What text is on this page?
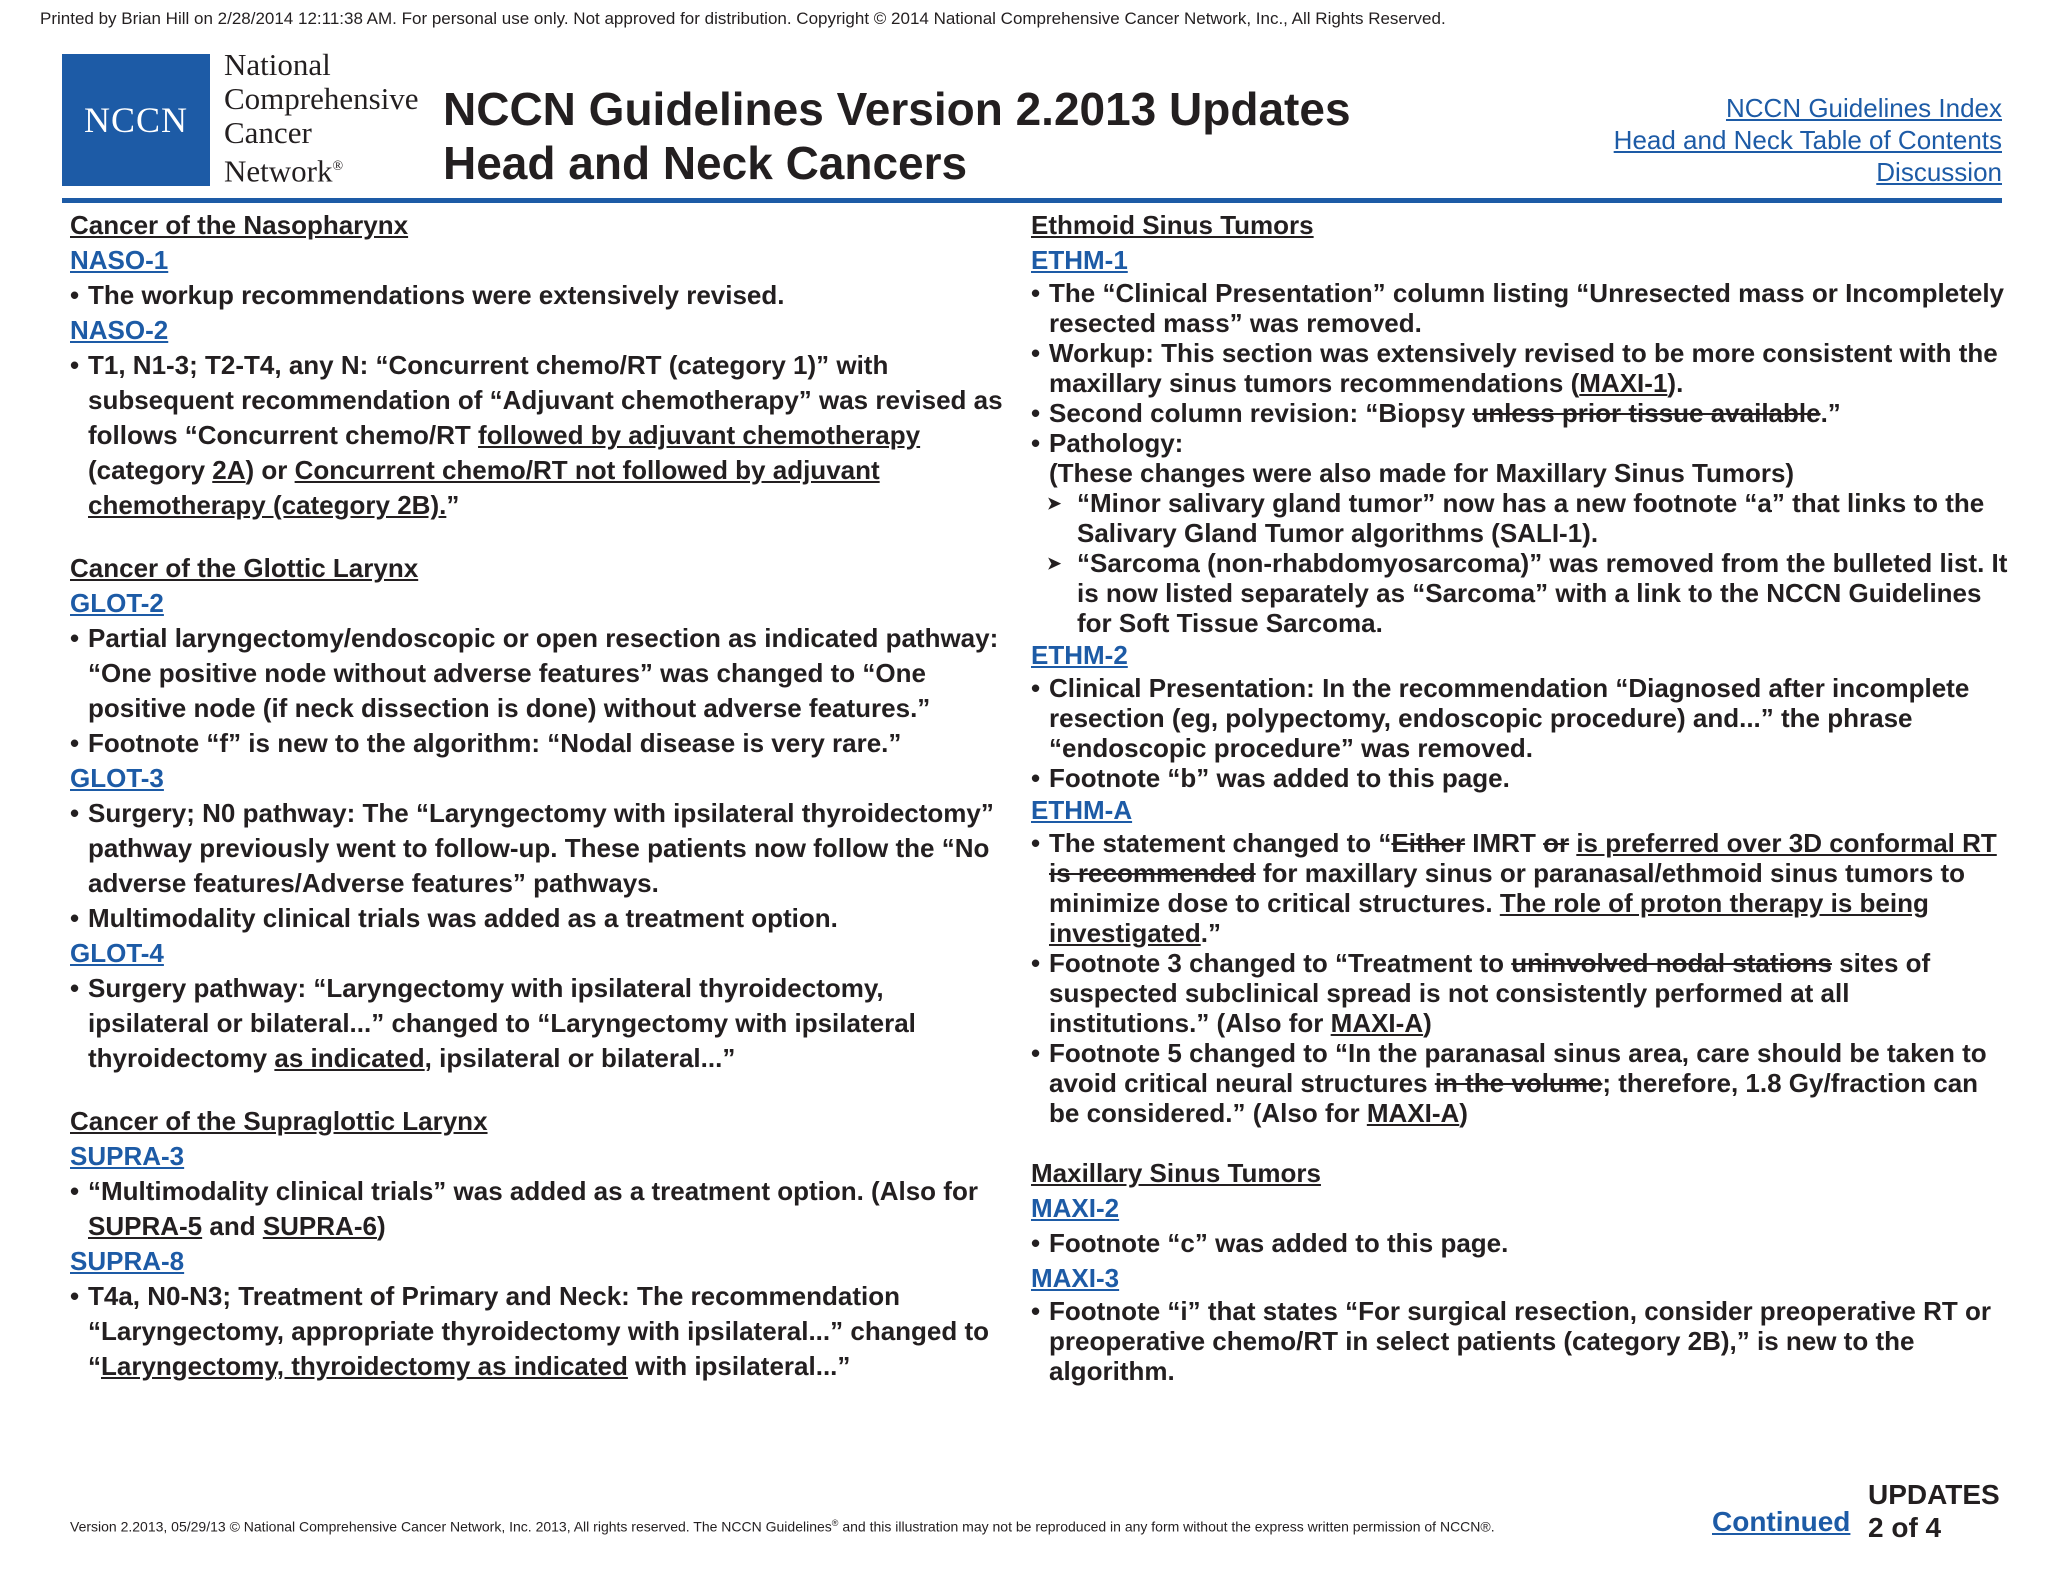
Printed by Brian Hill on 2/28/2014 12:11:38 AM. For personal use only. Not approved for distribution. Copyright © 2014 National Comprehensive Cancer Network, Inc., All Rights Reserved.
NCCN
National
Comprehensive
Cancer
Network®
NCCN Guidelines Version 2.2013 Updates
Head and Neck Cancers
NCCN Guidelines Index
Head and Neck Table of Contents
Discussion
Cancer of the Nasopharynx
NASO-1
• The workup recommendations were extensively revised.
NASO-2
• T1, N1-3; T2-T4, any N: “Concurrent chemo/RT (category 1)” with subsequent recommendation of “Adjuvant chemotherapy” was revised as follows “Concurrent chemo/RT followed by adjuvant chemotherapy (category 2A) or Concurrent chemo/RT not followed by adjuvant chemotherapy (category 2B).”
Cancer of the Glottic Larynx
GLOT-2
• Partial laryngectomy/endoscopic or open resection as indicated pathway: “One positive node without adverse features” was changed to “One positive node (if neck dissection is done) without adverse features.”
• Footnote “f” is new to the algorithm: “Nodal disease is very rare.”
GLOT-3
• Surgery; N0 pathway: The “Laryngectomy with ipsilateral thyroidectomy” pathway previously went to follow-up. These patients now follow the “No adverse features/Adverse features” pathways.
• Multimodality clinical trials was added as a treatment option.
GLOT-4
• Surgery pathway: “Laryngectomy with ipsilateral thyroidectomy, ipsilateral or bilateral...” changed to “Laryngectomy with ipsilateral thyroidectomy as indicated, ipsilateral or bilateral...”
Cancer of the Supraglottic Larynx
SUPRA-3
• “Multimodality clinical trials” was added as a treatment option. (Also for SUPRA-5 and SUPRA-6)
SUPRA-8
• T4a, N0-N3; Treatment of Primary and Neck: The recommendation “Laryngectomy, appropriate thyroidectomy with ipsilateral...” changed to “Laryngectomy, thyroidectomy as indicated with ipsilateral...”
Ethmoid Sinus Tumors
ETHM-1
• The “Clinical Presentation” column listing “Unresected mass or Incompletely resected mass” was removed.
• Workup: This section was extensively revised to be more consistent with the maxillary sinus tumors recommendations (MAXI-1).
• Second column revision: “Biopsy unless prior tissue available.”
• Pathology:
(These changes were also made for Maxillary Sinus Tumors)
➤ “Minor salivary gland tumor” now has a new footnote “a” that links to the Salivary Gland Tumor algorithms (SALI-1).
➤ “Sarcoma (non-rhabdomyosarcoma)” was removed from the bulleted list. It is now listed separately as “Sarcoma” with a link to the NCCN Guidelines for Soft Tissue Sarcoma.
ETHM-2
• Clinical Presentation: In the recommendation “Diagnosed after incomplete resection (eg, polypectomy, endoscopic procedure) and...” the phrase “endoscopic procedure” was removed.
• Footnote “b” was added to this page.
ETHM-A
• The statement changed to “Either IMRT or is preferred over 3D conformal RT is recommended for maxillary sinus or paranasal/ethmoid sinus tumors to minimize dose to critical structures. The role of proton therapy is being investigated.”
• Footnote 3 changed to “Treatment to uninvolved nodal stations sites of suspected subclinical spread is not consistently performed at all institutions.” (Also for MAXI-A)
• Footnote 5 changed to “In the paranasal sinus area, care should be taken to avoid critical neural structures in the volume; therefore, 1.8 Gy/fraction can be considered.” (Also for MAXI-A)
Maxillary Sinus Tumors
MAXI-2
• Footnote “c” was added to this page.
MAXI-3
• Footnote “i” that states “For surgical resection, consider preoperative RT or preoperative chemo/RT in select patients (category 2B),” is new to the algorithm.
Version 2.2013, 05/29/13 © National Comprehensive Cancer Network, Inc. 2013, All rights reserved. The NCCN Guidelines® and this illustration may not be reproduced in any form without the express written permission of NCCN®.	Continued
UPDATES
2 of 4
